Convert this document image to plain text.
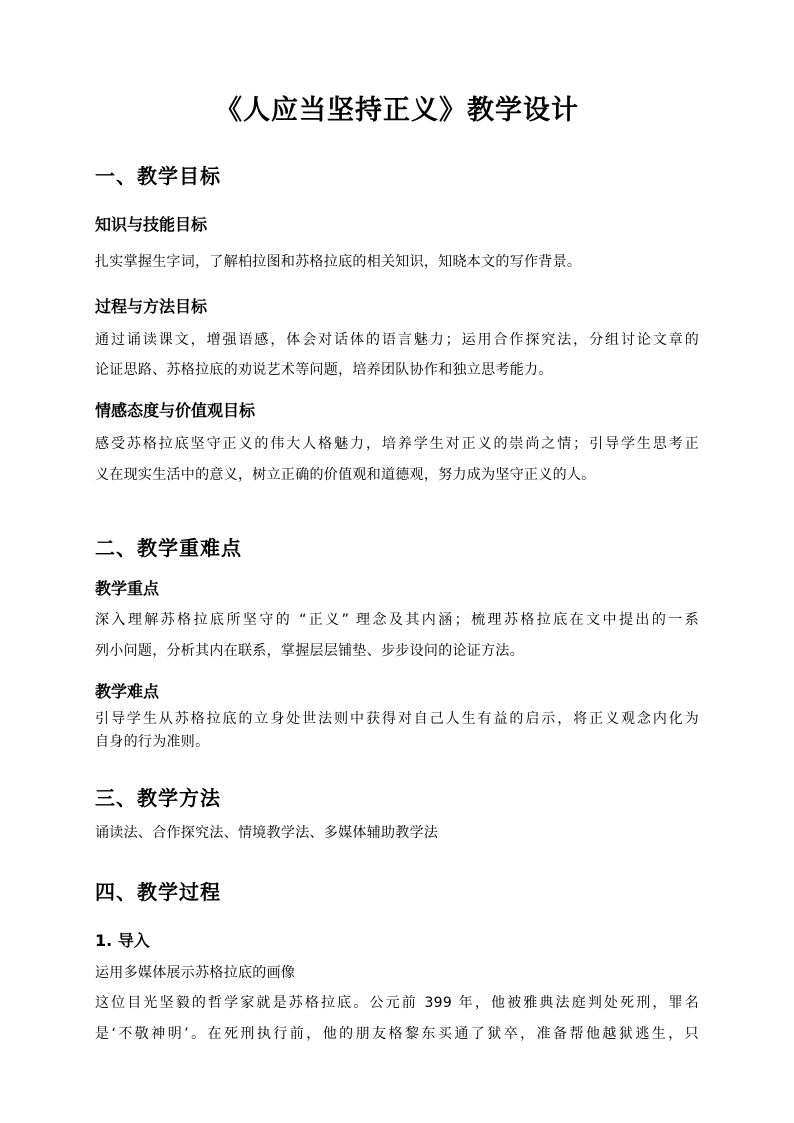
《人应当坚持正义》教学设计
一、教学目标
知识与技能目标
扎实掌握生字词，了解柏拉图和苏格拉底的相关知识，知晓本文的写作背景。
过程与方法目标
通过诵读课文，增强语感，体会对话体的语言魅力；运用合作探究法，分组讨论文章的
论证思路、苏格拉底的劝说艺术等问题，培养团队协作和独立思考能力。
情感态度与价值观目标
感受苏格拉底坚守正义的伟大人格魅力，培养学生对正义的崇尚之情；引导学生思考正
义在现实生活中的意义，树立正确的价值观和道德观，努力成为坚守正义的人。
二、教学重难点
教学重点
深入理解苏格拉底所坚守的 “正义” 理念及其内涵；梳理苏格拉底在文中提出的一系
列小问题，分析其内在联系，掌握层层铺垫、步步设问的论证方法。
教学难点
引导学生从苏格拉底的立身处世法则中获得对自己人生有益的启示，将正义观念内化为
自身的行为准则。
三、教学方法
诵读法、合作探究法、情境教学法、多媒体辅助教学法
四、教学过程
1. 导入
运用多媒体展示苏格拉底的画像
这位目光坚毅的哲学家就是苏格拉底。公元前 399 年，他被雅典法庭判处死刑，罪名
是‘不敬神明’。在死刑执行前，他的朋友格黎东买通了狱卒，准备帮他越狱逃生，只
